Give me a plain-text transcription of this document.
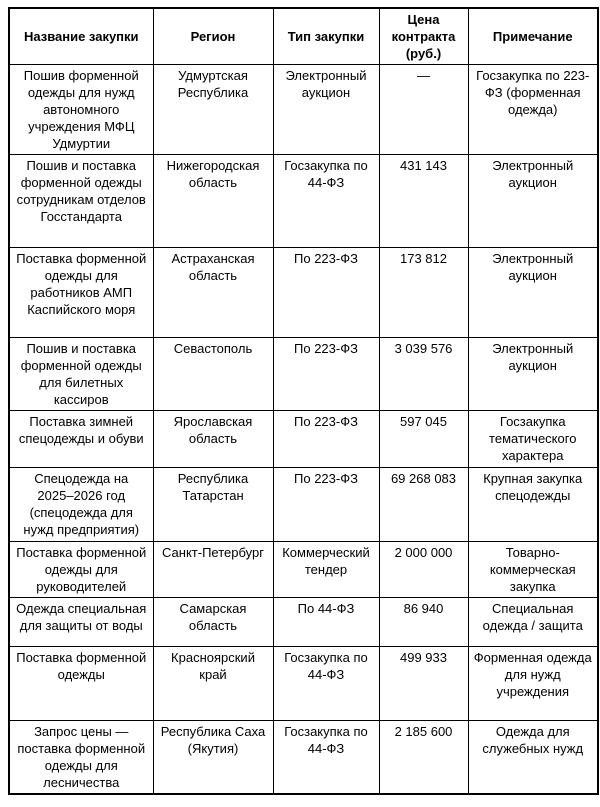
Название закупки	Регион	Тип закупки	Цена контракта (руб.)	Примечание
Пошив форменной одежды для нужд автономного учреждения МФЦ Удмуртии	Удмуртская Республика	Электронный аукцион	—	Госзакупка по 223-ФЗ (форменная одежда)
Пошив и поставка форменной одежды сотрудникам отделов Госстандарта	Нижегородская область	Госзакупка по 44-ФЗ	431 143	Электронный аукцион
Поставка форменной одежды для работников АМП Каспийского моря	Астраханская область	По 223-ФЗ	173 812	Электронный аукцион
Пошив и поставка форменной одежды для билетных кассиров	Севастополь	По 223-ФЗ	3 039 576	Электронный аукцион
Поставка зимней спецодежды и обуви	Ярославская область	По 223-ФЗ	597 045	Госзакупка тематического характера
Спецодежда на 2025–2026 год (спецодежда для нужд предприятия)	Республика Татарстан	По 223-ФЗ	69 268 083	Крупная закупка спецодежды
Поставка форменной одежды для руководителей	Санкт-Петербург	Коммерческий тендер	2 000 000	Товарно-коммерческая закупка
Одежда специальная для защиты от воды	Самарская область	По 44-ФЗ	86 940	Специальная одежда / защита
Поставка форменной одежды	Красноярский край	Госзакупка по 44-ФЗ	499 933	Форменная одежда для нужд учреждения
Запрос цены — поставка форменной одежды для лесничества	Республика Саха (Якутия)	Госзакупка по 44-ФЗ	2 185 600	Одежда для служебных нужд
